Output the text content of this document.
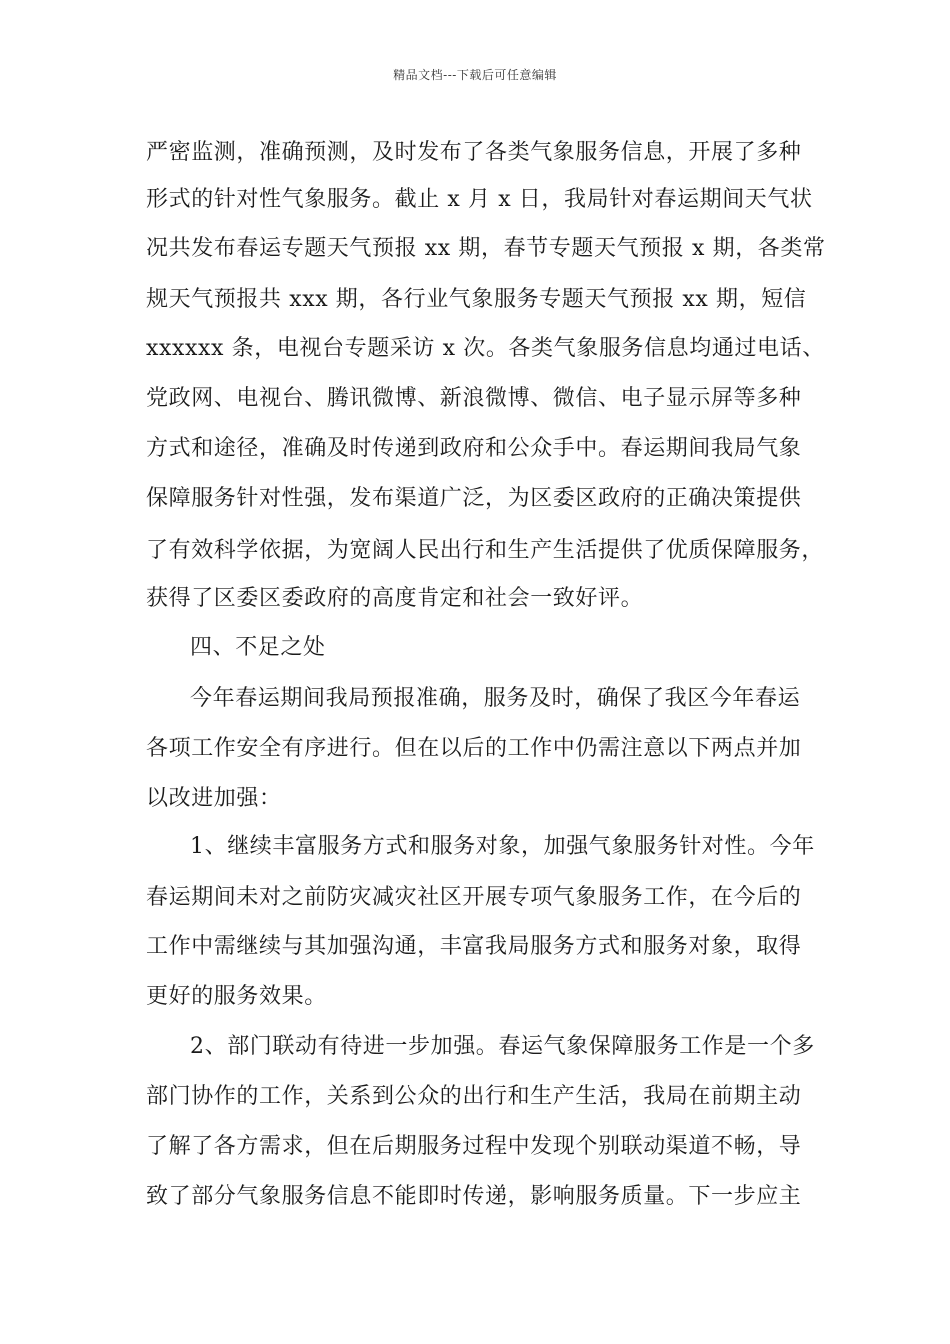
精品文档---下载后可任意编辑
严密监测，准确预测，及时发布了各类气象服务信息，开展了多种
形式的针对性气象服务。截止 x 月 x 日，我局针对春运期间天气状
况共发布春运专题天气预报 xx 期，春节专题天气预报 x 期，各类常
规天气预报共 xxx 期，各行业气象服务专题天气预报 xx 期，短信
xxxxxx 条，电视台专题采访 x 次。各类气象服务信息均通过电话、
党政网、电视台、腾讯微博、新浪微博、微信、电子显示屏等多种
方式和途径，准确及时传递到政府和公众手中。春运期间我局气象
保障服务针对性强，发布渠道广泛，为区委区政府的正确决策提供
了有效科学依据，为宽阔人民出行和生产生活提供了优质保障服务，
获得了区委区委政府的高度肯定和社会一致好评。
四、不足之处
今年春运期间我局预报准确，服务及时，确保了我区今年春运
各项工作安全有序进行。但在以后的工作中仍需注意以下两点并加
以改进加强：
1、继续丰富服务方式和服务对象，加强气象服务针对性。今年
春运期间未对之前防灾减灾社区开展专项气象服务工作，在今后的
工作中需继续与其加强沟通，丰富我局服务方式和服务对象，取得
更好的服务效果。
2、部门联动有待进一步加强。春运气象保障服务工作是一个多
部门协作的工作，关系到公众的出行和生产生活，我局在前期主动
了解了各方需求，但在后期服务过程中发现个别联动渠道不畅，导
致了部分气象服务信息不能即时传递，影响服务质量。下一步应主
